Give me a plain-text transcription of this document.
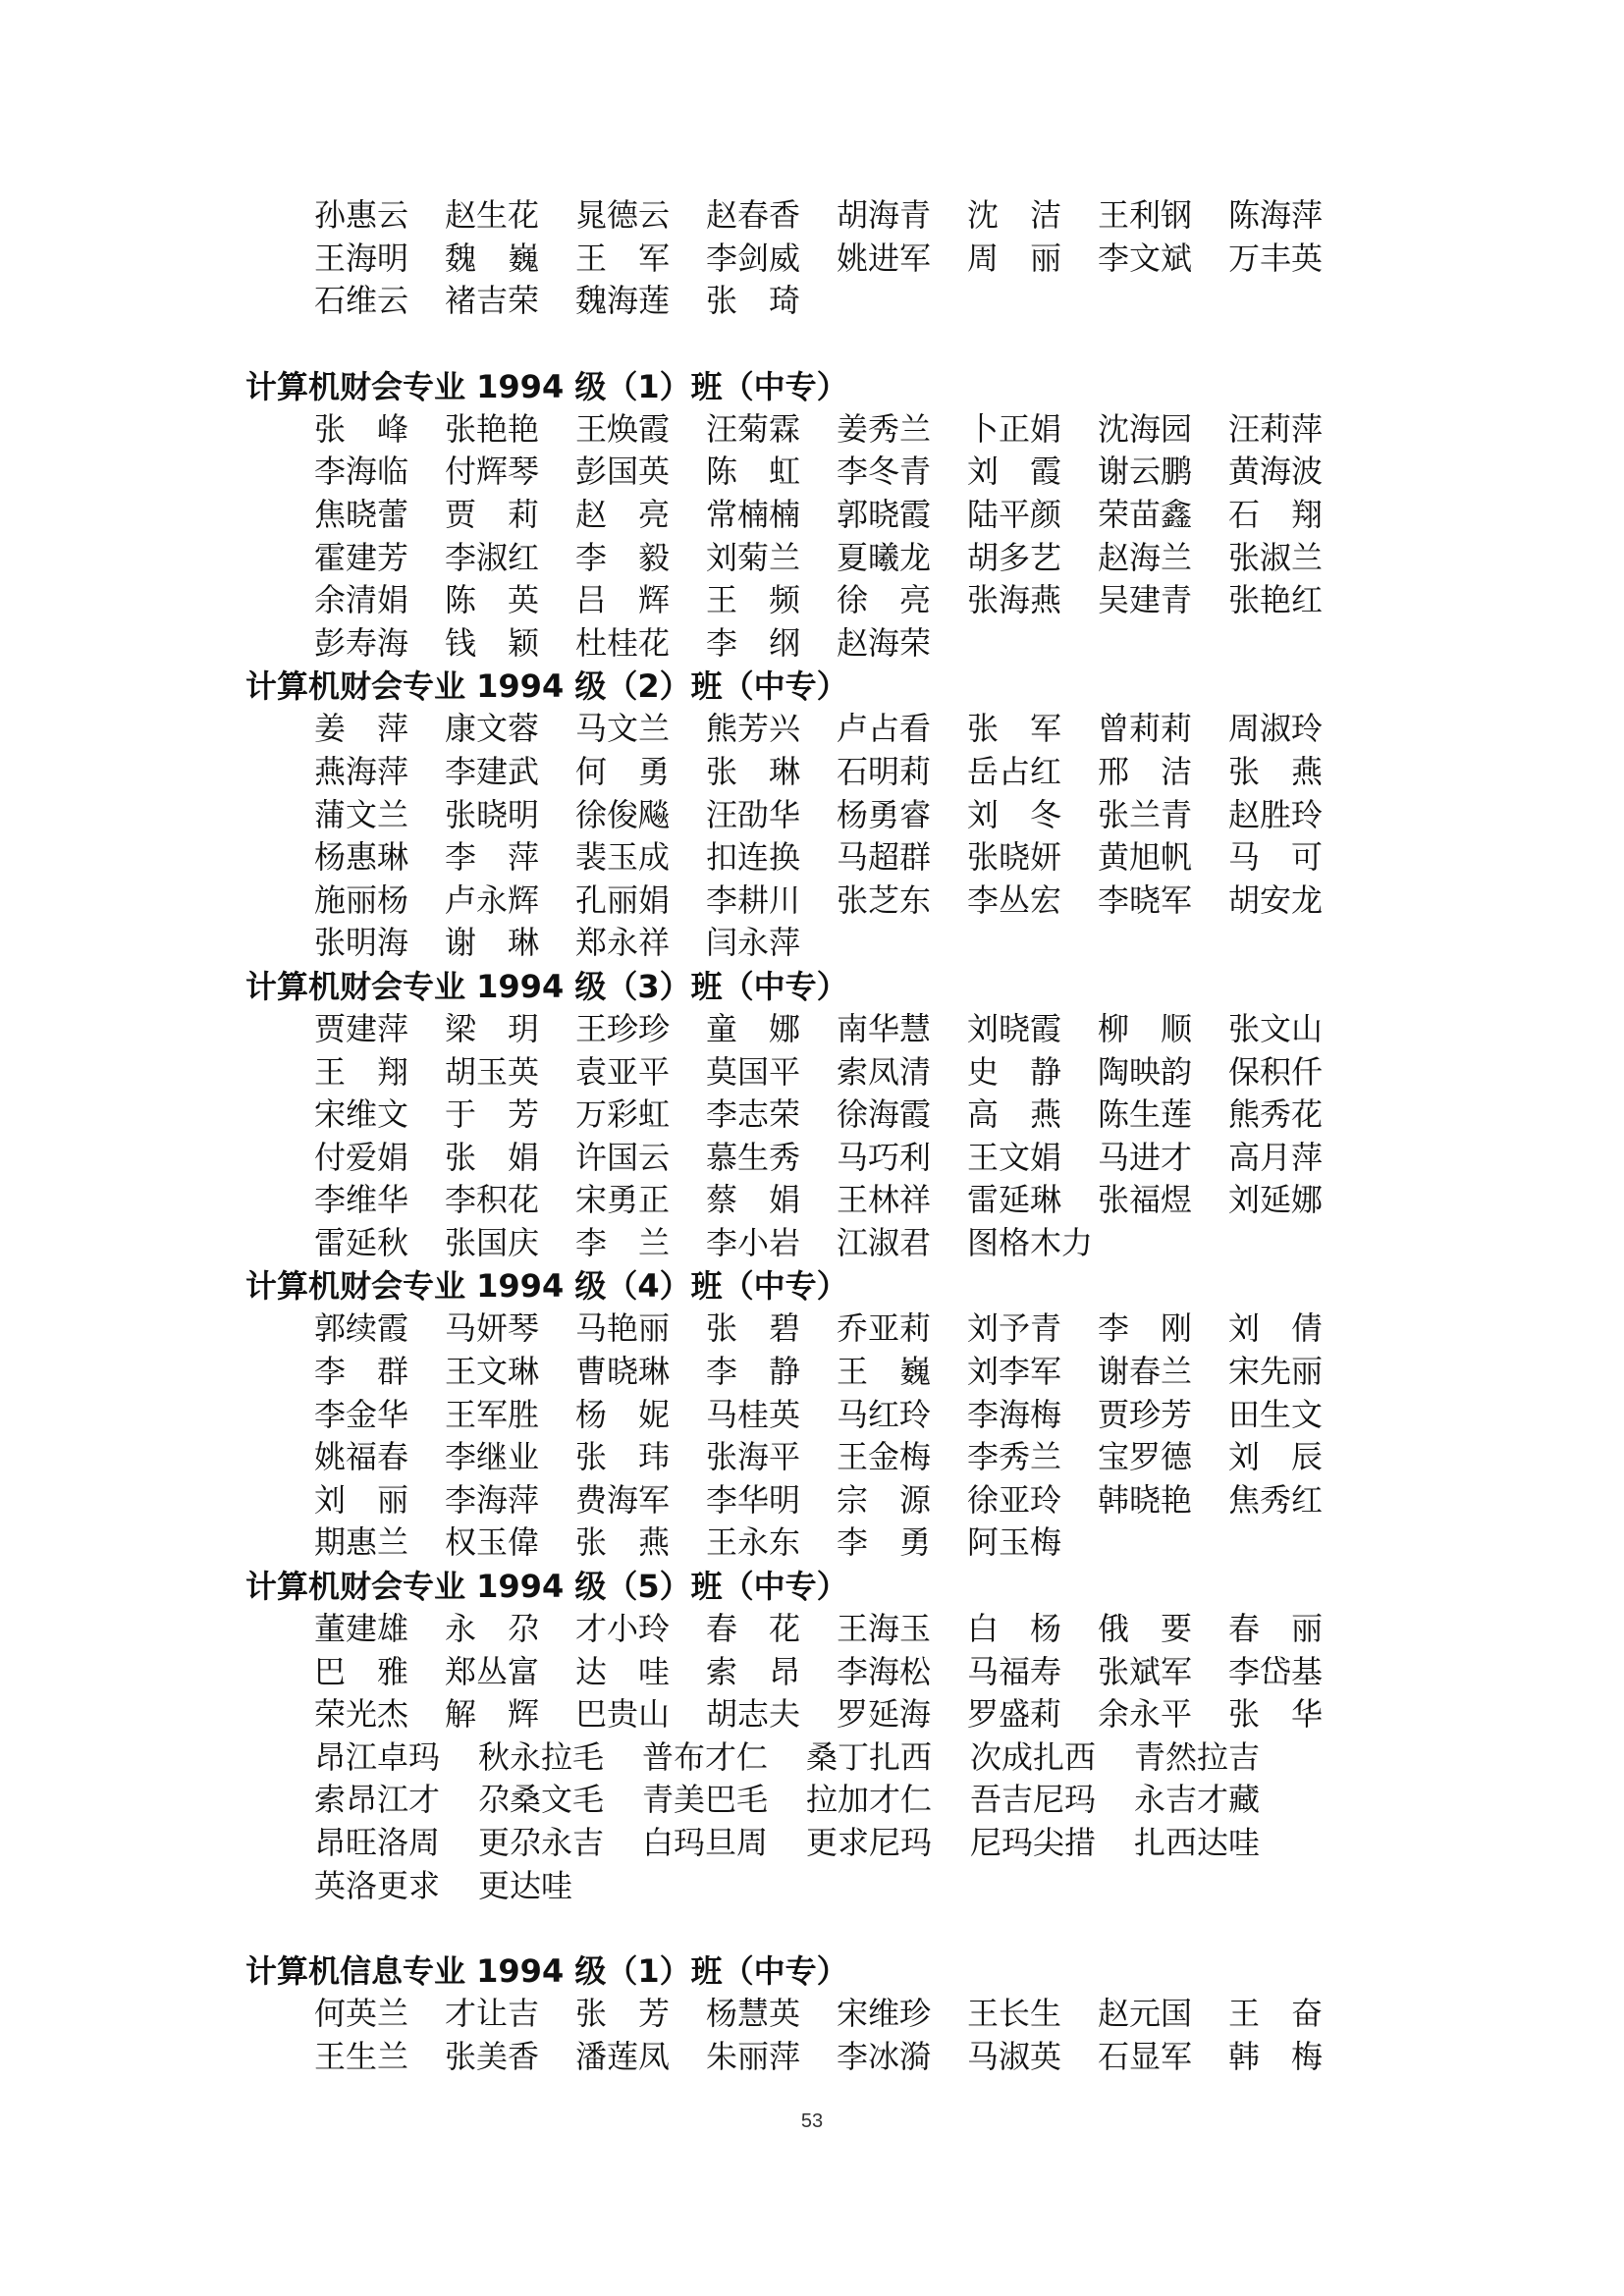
孙惠云 赵生花 晁德云 赵春香 胡海青 沈　洁 王利钢 陈海萍
王海明 魏　巍 王　军 李剑威 姚进军 周　丽 李文斌 万丰英
石维云 褚吉荣 魏海莲 张　琦
计算机财会专业 1994 级（1）班（中专）
张　峰 张艳艳 王焕霞 汪菊霖 姜秀兰 卜正娟 沈海园 汪莉萍
李海临 付辉琴 彭国英 陈　虹 李冬青 刘　霞 谢云鹏 黄海波
焦晓蕾 贾　莉 赵　亮 常楠楠 郭晓霞 陆平颜 荣苗鑫 石　翔
霍建芳 李淑红 李　毅 刘菊兰 夏曦龙 胡多艺 赵海兰 张淑兰
余清娟 陈　英 吕　辉 王　频 徐　亮 张海燕 吴建青 张艳红
彭寿海 钱　颖 杜桂花 李　纲 赵海荣
计算机财会专业 1994 级（2）班（中专）
姜　萍 康文蓉 马文兰 熊芳兴 卢占看 张　军 曾莉莉 周淑玲
燕海萍 李建武 何　勇 张　琳 石明莉 岳占红 邢　洁 张　燕
蒲文兰 张晓明 徐俊飚 汪劭华 杨勇睿 刘　冬 张兰青 赵胜玲
杨惠琳 李　萍 裴玉成 扣连换 马超群 张晓妍 黄旭帆 马　可
施丽杨 卢永辉 孔丽娟 李耕川 张芝东 李丛宏 李晓军 胡安龙
张明海 谢　琳 郑永祥 闫永萍
计算机财会专业 1994 级（3）班（中专）
贾建萍 梁　玥 王珍珍 童　娜 南华慧 刘晓霞 柳　顺 张文山
王　翔 胡玉英 袁亚平 莫国平 索凤清 史　静 陶映韵 保积仟
宋维文 于　芳 万彩虹 李志荣 徐海霞 高　燕 陈生莲 熊秀花
付爱娟 张　娟 许国云 慕生秀 马巧利 王文娟 马进才 高月萍
李维华 李积花 宋勇正 蔡　娟 王林祥 雷延琳 张福煜 刘延娜
雷延秋 张国庆 李　兰 李小岩 江淑君 图格木力
计算机财会专业 1994 级（4）班（中专）
郭续霞 马妍琴 马艳丽 张　碧 乔亚莉 刘予青 李　刚 刘　倩
李　群 王文琳 曹晓琳 李　静 王　巍 刘李军 谢春兰 宋先丽
李金华 王军胜 杨　妮 马桂英 马红玲 李海梅 贾珍芳 田生文
姚福春 李继业 张　玮 张海平 王金梅 李秀兰 宝罗德 刘　辰
刘　丽 李海萍 费海军 李华明 宗　源 徐亚玲 韩晓艳 焦秀红
期惠兰 权玉偉 张　燕 王永东 李　勇 阿玉梅
计算机财会专业 1994 级（5）班（中专）
董建雄 永　尕 才小玲 春　花 王海玉 白　杨 俄　要 春　丽
巴　雅 郑丛富 达　哇 索　昂 李海松 马福寿 张斌军 李岱基
荣光杰 解　辉 巴贵山 胡志夫 罗延海 罗盛莉 余永平 张　华
昂江卓玛 秋永拉毛 普布才仁 桑丁扎西 次成扎西 青然拉吉
索昂江才 尕桑文毛 青美巴毛 拉加才仁 吾吉尼玛 永吉才藏
昂旺洛周 更尕永吉 白玛旦周 更求尼玛 尼玛尖措 扎西达哇
英洛更求 更达哇
计算机信息专业 1994 级（1）班（中专）
何英兰 才让吉 张　芳 杨慧英 宋维珍 王长生 赵元国 王　奋
王生兰 张美香 潘莲凤 朱丽萍 李冰漪 马淑英 石显军 韩　梅
53
